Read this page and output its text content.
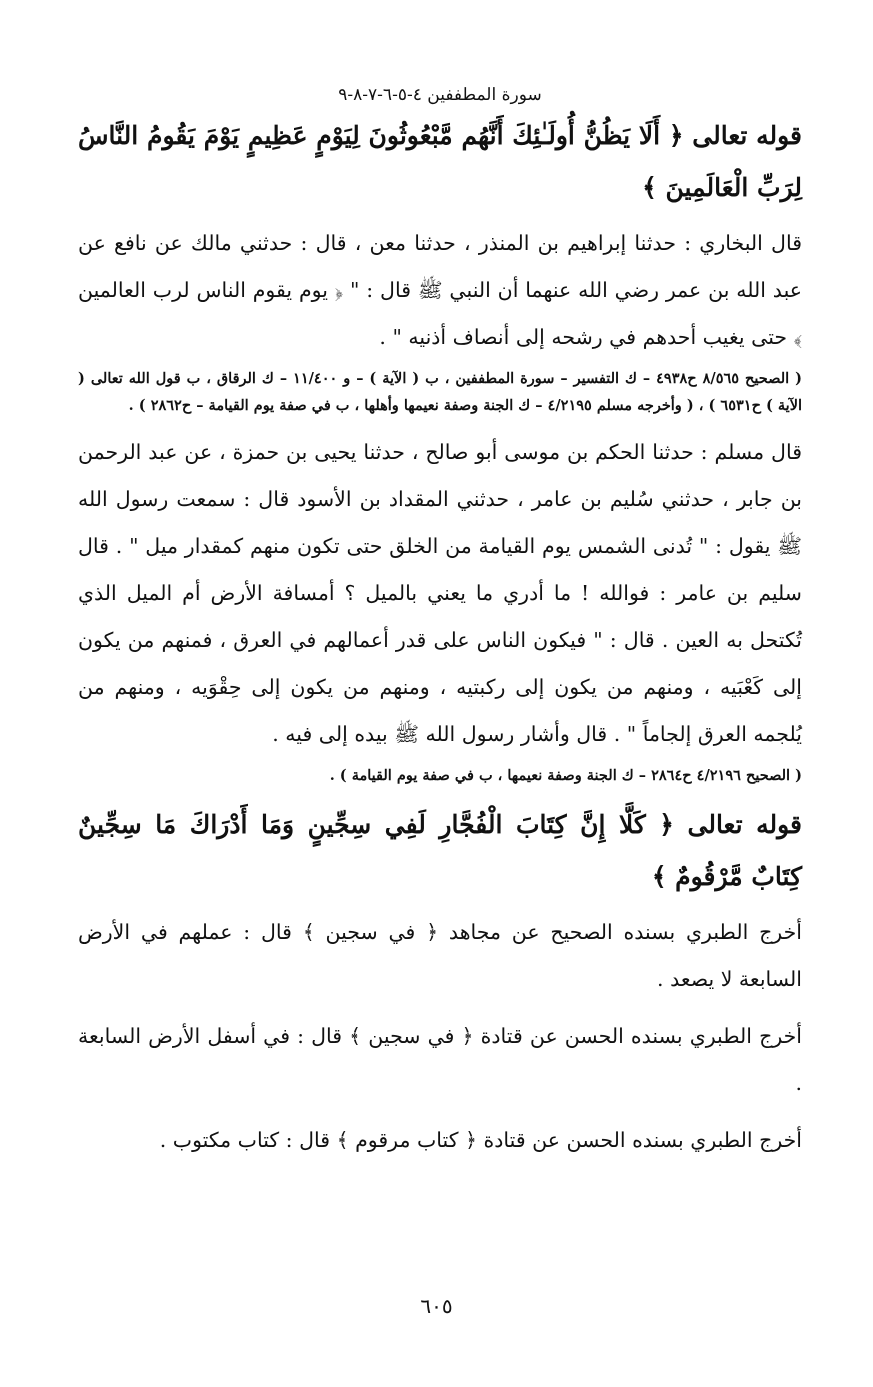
سورة المطففين ٤-٥-٦-٧-٨-٩
قوله تعالى ﴿ أَلَا يَظُنُّ أُولَـٰئِكَ أَنَّهُم مَّبْعُوثُونَ لِيَوْمٍ عَظِيمٍ يَوْمَ يَقُومُ النَّاسُ لِرَبِّ الْعَالَمِينَ ﴾
قال البخاري : حدثنا إبراهيم بن المنذر ، حدثنا معن ، قال : حدثني مالك عن نافع عن عبد الله بن عمر رضي الله عنهما أن النبي ﷺ قال : " ﴿ يوم يقوم الناس لرب العالمين ﴾ حتى يغيب أحدهم في رشحه إلى أنصاف أذنيه " .
( الصحيح ٨/٥٦٥ ح٤٩٣٨ – ك التفسير – سورة المطففين ، ب ( الآية ) – و ١١/٤٠٠ – ك الرقاق ، ب قول الله تعالى ( الآية ) ح٦٥٣١ ) ، ( وأخرجه مسلم ٤/٢١٩٥ – ك الجنة وصفة نعيمها وأهلها ، ب في صفة يوم القيامة – ح٢٨٦٢ ) .
قال مسلم : حدثنا الحكم بن موسى أبو صالح ، حدثنا يحيى بن حمزة ، عن عبد الرحمن بن جابر ، حدثني سُليم بن عامر ، حدثني المقداد بن الأسود قال : سمعت رسول الله ﷺ يقول : " تُدنى الشمس يوم القيامة من الخلق حتى تكون منهم كمقدار ميل " . قال سليم بن عامر : فوالله ! ما أدري ما يعني بالميل ؟ أمسافة الأرض أم الميل الذي تُكتحل به العين . قال : " فيكون الناس على قدر أعمالهم في العرق ، فمنهم من يكون إلى كَعْبَيه ، ومنهم من يكون إلى ركبتيه ، ومنهم من يكون إلى حِقْوَيه ، ومنهم من يُلجمه العرق إلجاماً " . قال وأشار رسول الله ﷺ بيده إلى فيه .
( الصحيح ٤/٢١٩٦ ح٢٨٦٤ – ك الجنة وصفة نعيمها ، ب في صفة يوم القيامة ) .
قوله تعالى ﴿ كَلَّا إِنَّ كِتَابَ الْفُجَّارِ لَفِي سِجِّينٍ وَمَا أَدْرَاكَ مَا سِجِّينٌ كِتَابٌ مَّرْقُومٌ ﴾
أخرج الطبري بسنده الصحيح عن مجاهد ﴿ في سجين ﴾ قال : عملهم في الأرض السابعة لا يصعد .
أخرج الطبري بسنده الحسن عن قتادة ﴿ في سجين ﴾ قال : في أسفل الأرض السابعة .
أخرج الطبري بسنده الحسن عن قتادة ﴿ كتاب مرقوم ﴾ قال : كتاب مكتوب .
٦٠٥
